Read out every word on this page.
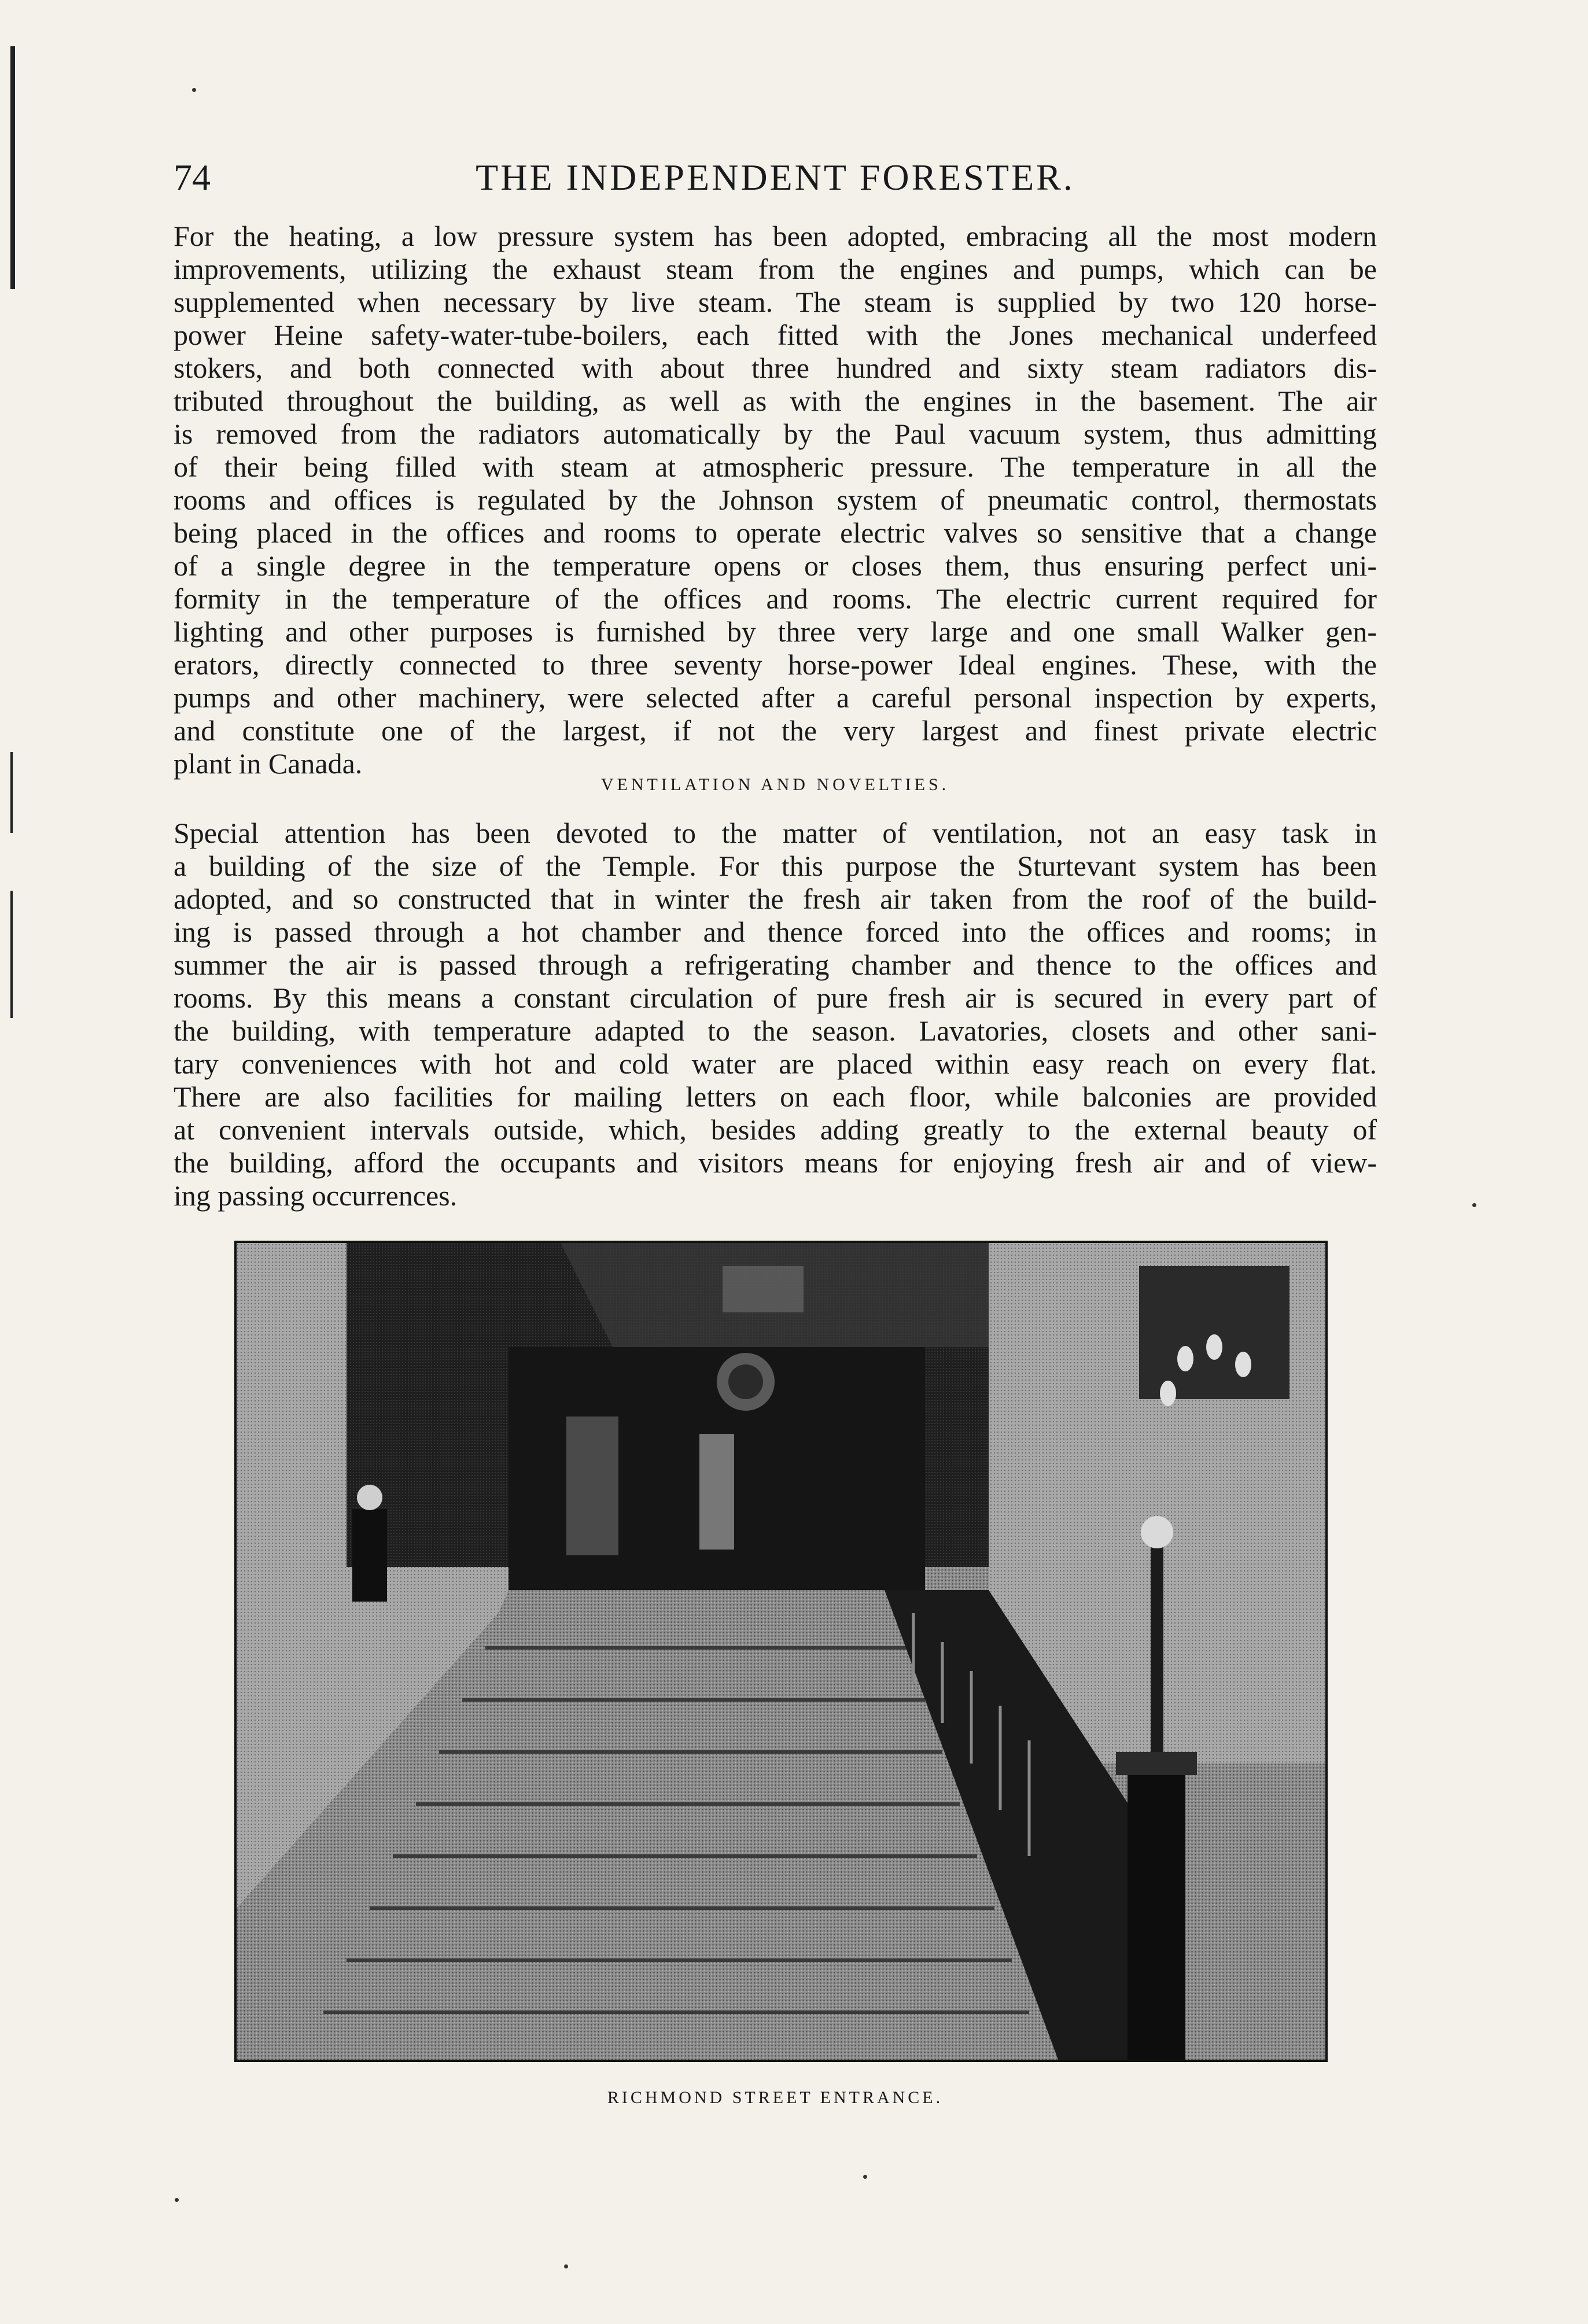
74	THE INDEPENDENT FORESTER.
For the heating, a low pressure system has been adopted, embracing all the most modern
improvements, utilizing the exhaust steam from the engines and pumps, which can be
supplemented when necessary by live steam. The steam is supplied by two 120 horse-
power Heine safety-water-tube-boilers, each fitted with the Jones mechanical underfeed
stokers, and both connected with about three hundred and sixty steam radiators dis-
tributed throughout the building, as well as with the engines in the basement. The air
is removed from the radiators automatically by the Paul vacuum system, thus admitting
of their being filled with steam at atmospheric pressure. The temperature in all the
rooms and offices is regulated by the Johnson system of pneumatic control, thermostats
being placed in the offices and rooms to operate electric valves so sensitive that a change
of a single degree in the temperature opens or closes them, thus ensuring perfect uni-
formity in the temperature of the offices and rooms. The electric current required for
lighting and other purposes is furnished by three very large and one small Walker gen-
erators, directly connected to three seventy horse-power Ideal engines. These, with the
pumps and other machinery, were selected after a careful personal inspection by experts,
and constitute one of the largest, if not the very largest and finest private electric
plant in Canada.
VENTILATION AND NOVELTIES.
Special attention has been devoted to the matter of ventilation, not an easy task in
a building of the size of the Temple. For this purpose the Sturtevant system has been
adopted, and so constructed that in winter the fresh air taken from the roof of the build-
ing is passed through a hot chamber and thence forced into the offices and rooms; in
summer the air is passed through a refrigerating chamber and thence to the offices and
rooms. By this means a constant circulation of pure fresh air is secured in every part of
the building, with temperature adapted to the season. Lavatories, closets and other sani-
tary conveniences with hot and cold water are placed within easy reach on every flat.
There are also facilities for mailing letters on each floor, while balconies are provided
at convenient intervals outside, which, besides adding greatly to the external beauty of
the building, afford the occupants and visitors means for enjoying fresh air and of view-
ing passing occurrences.
RICHMOND STREET ENTRANCE.
